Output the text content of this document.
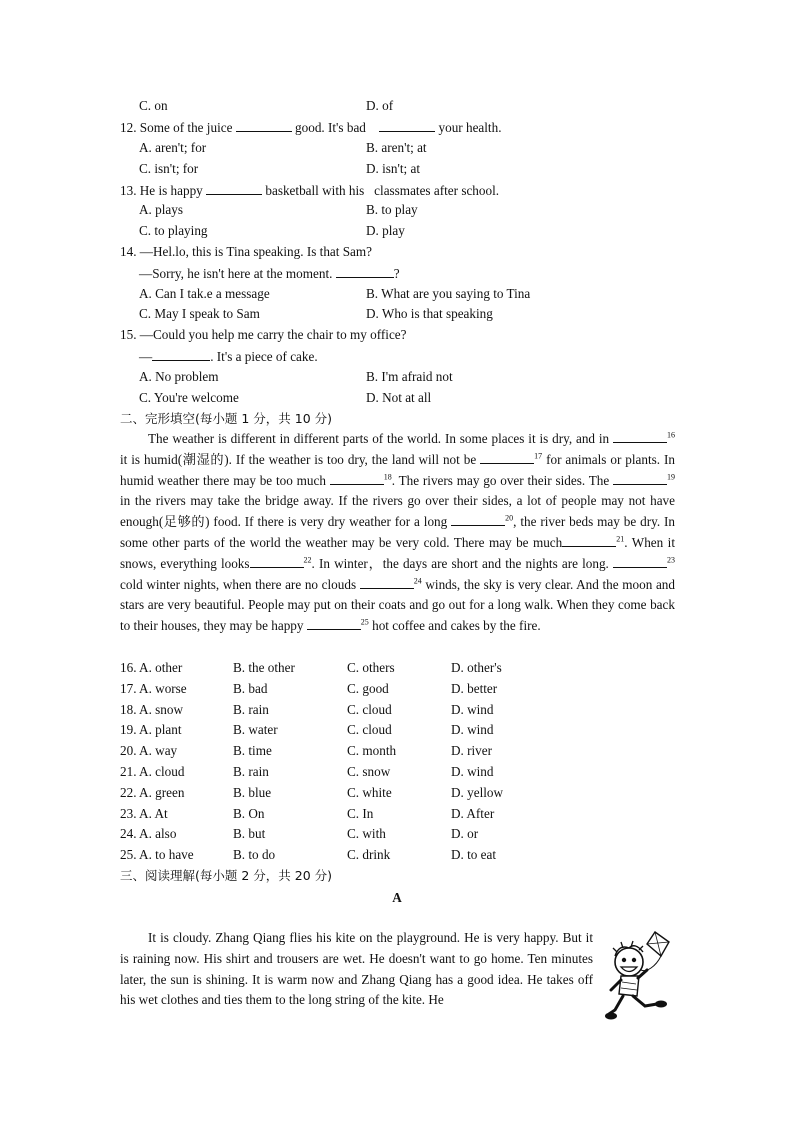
C. on	D. of
12. Some of the juice	good. It's bad	your health.
A. aren't; for	B. aren't; at
C. isn't; for	D. isn't; at
13. He is happy	basketball with his classmates after school.
A. plays	B. to play
C. to playing	D. play
14. —Hel.lo, this is Tina speaking. Is that Sam?
—Sorry, he isn't here at the moment.	?
A. Can I tak.e a message	B. What are you saying to Tina
C. May I speak to Sam	D. Who is that speaking
15. —Could you help me carry the chair to my office?
—	. It's a piece of cake.
A. No problem	B. I'm afraid not
C. You're welcome	D. Not at all
二、完形填空(每小题 1 分，共 10 分)

The weather is different in different parts of the world. In some places it is dry, and in	$^{16}$ it is humid(潮湿的). If the weather is too dry, the land will not be	$^{17}$ for animals or plants. In humid weather there may be too much	$^{18}$. The rivers may go over their sides. The	$^{19}$ in the rivers may take the bridge away. If the rivers go over their sides, a lot of people may not have enough(足够的) food. If there is very dry weather for a long	$^{20}$, the river beds may be dry. In some other parts of the world the weather may be very cold. There may be much	$^{21}$. When it snows, everything looks	$^{22}$. In winter，the days are short and the nights are long.	$^{23}$ cold winter nights, when there are no clouds	$^{24}$ winds, the sky is very clear. And the moon and stars are very beautiful. People may put on their coats and go out for a long walk. When they come back to their houses, they may be happy	$^{25}$ hot coffee and cakes by the fire.

16. A. other	B. the other	C. others	D. other's
17. A. worse	B. bad	C. good	D. better
18. A. snow	B. rain	C. cloud	D. wind
19. A. plant	B. water	C. cloud	D. wind
20. A. way	B. time	C. month	D. river
21. A. cloud	B. rain	C. snow	D. wind
22. A. green	B. blue	C. white	D. yellow
23. A. At	B. On	C. In	D. After
24. A. also	B. but	C. with	D. or
25. A. to have	B. to do	C. drink	D. to eat
三、阅读理解(每小题 2 分，共 20 分)
A

It is cloudy. Zhang Qiang flies his kite on the playground. He is very happy. But it is raining now. His shirt and trousers are wet. He doesn't want to go home. Ten minutes later, the sun is shining. It is warm now and Zhang Qiang has a good idea. He takes off his wet clothes and ties them to the long string of the kite. He
